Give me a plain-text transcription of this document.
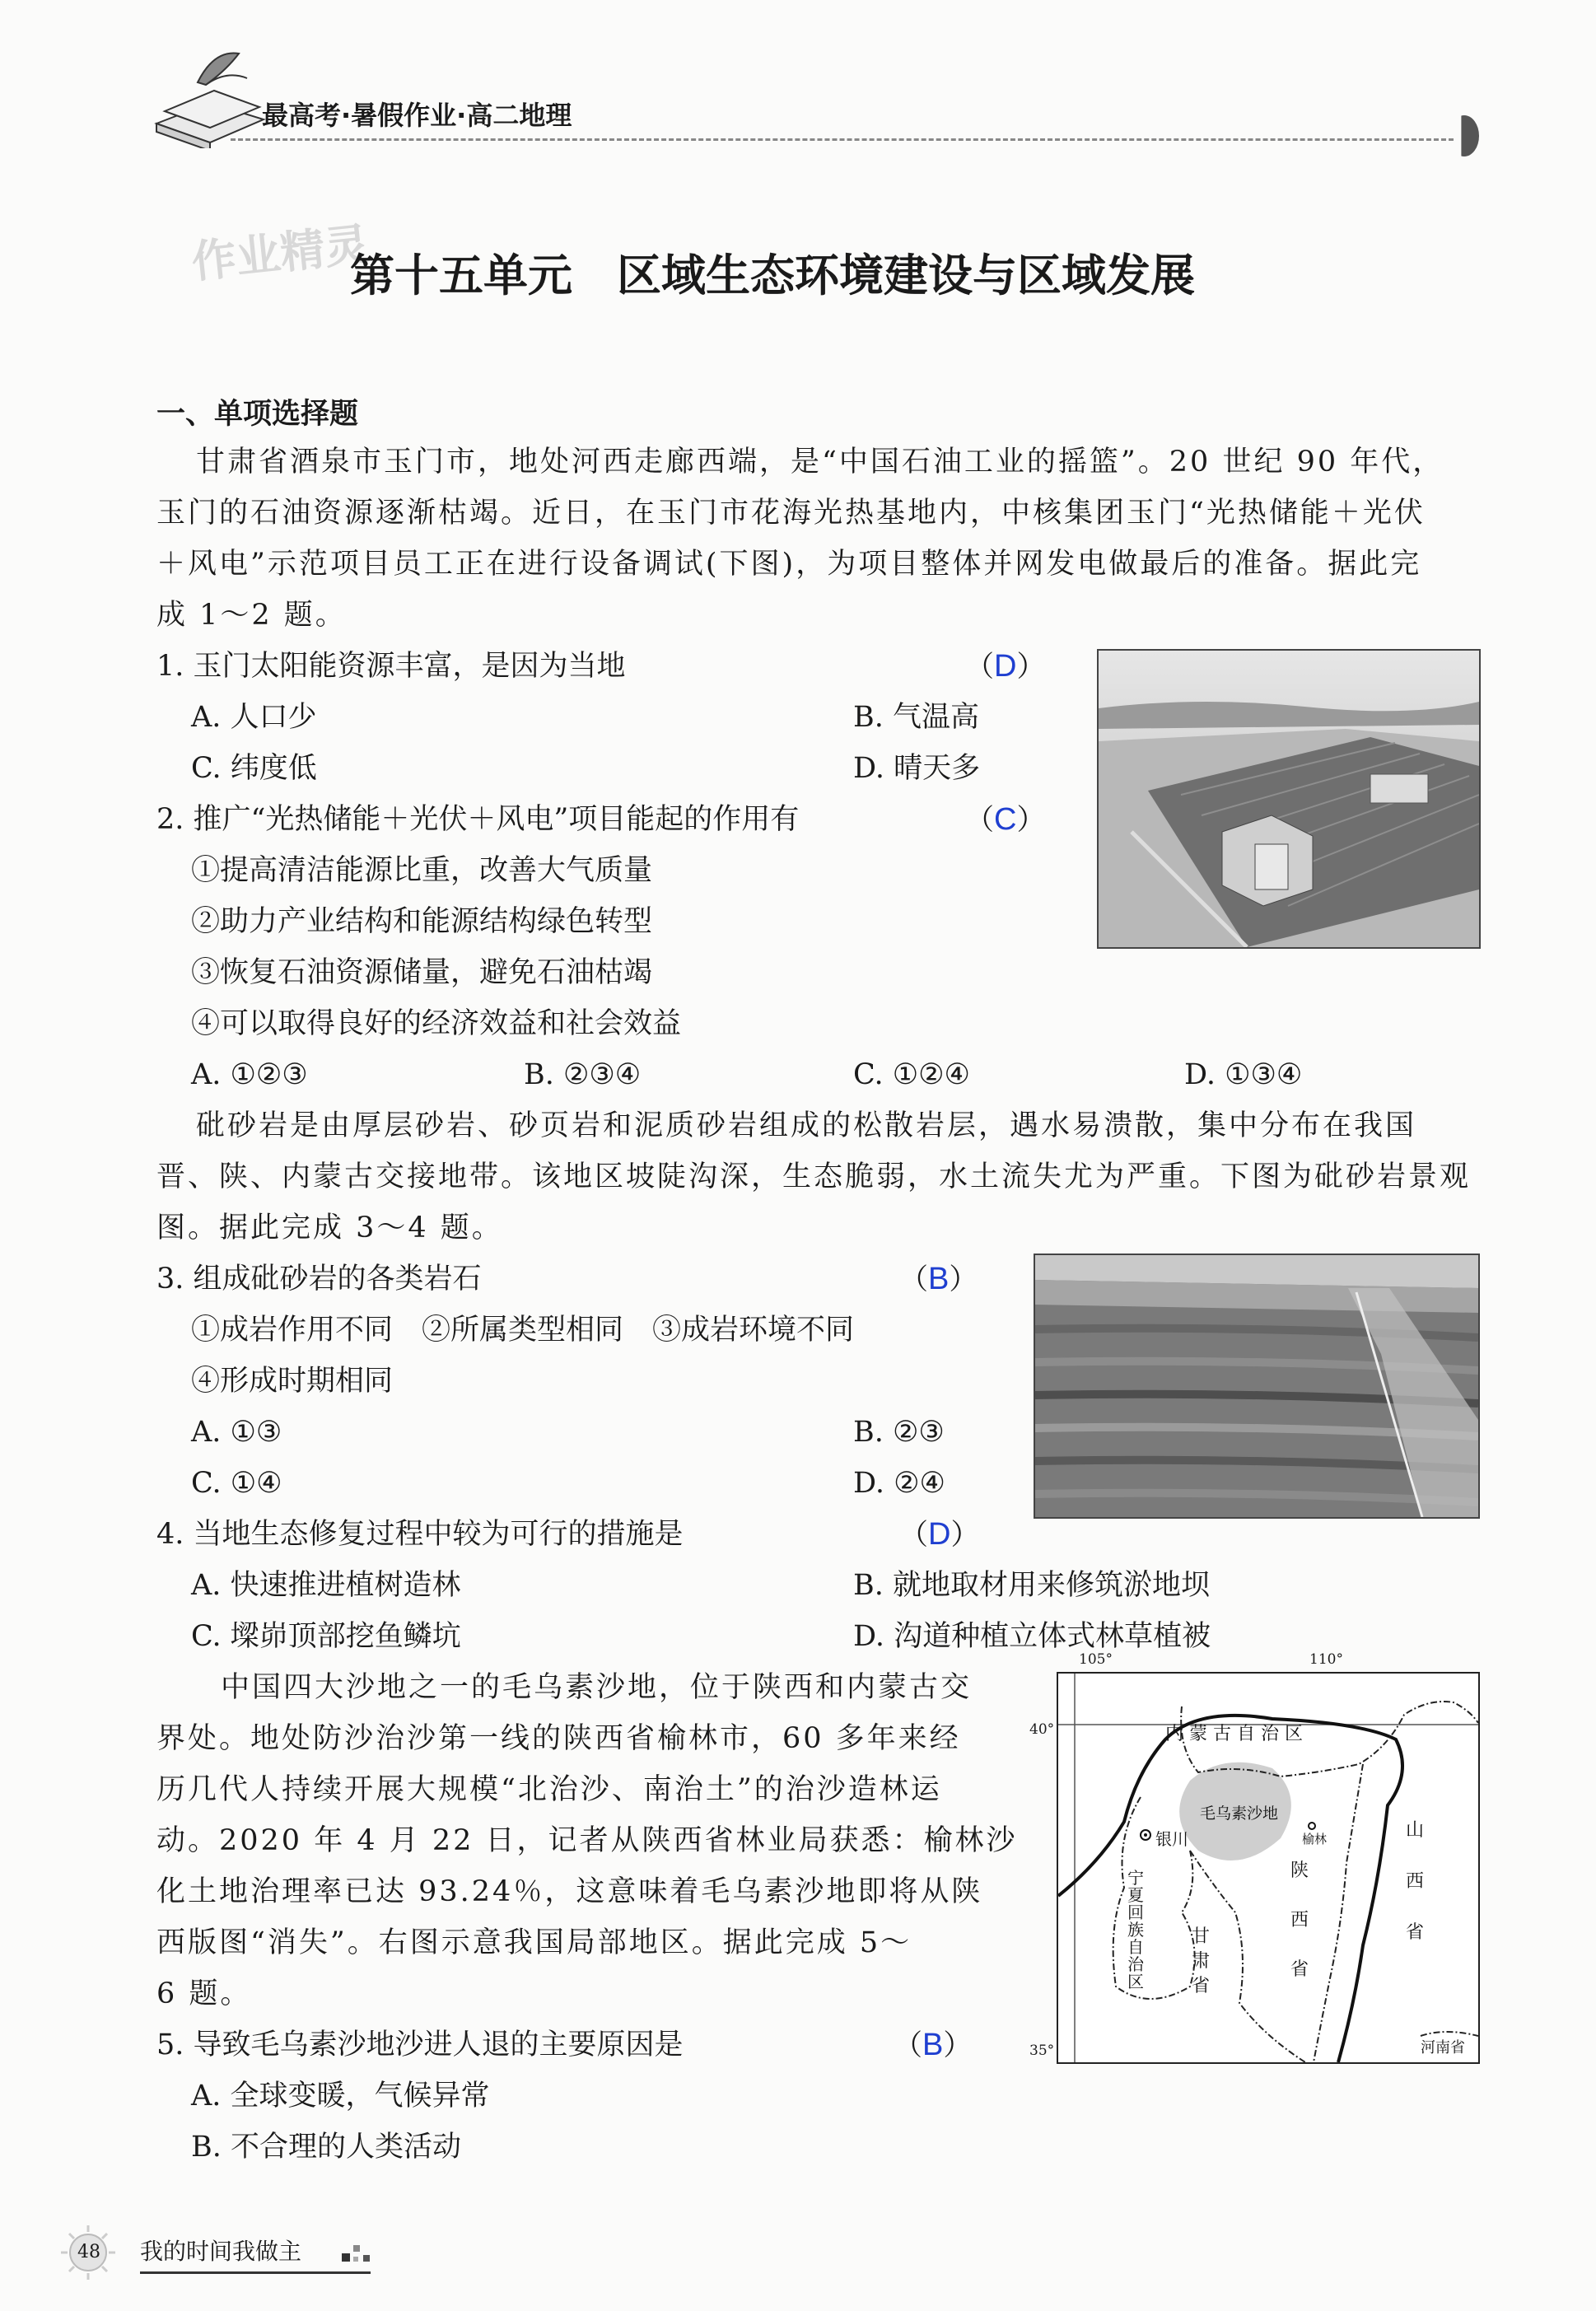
最高考·暑假作业·高二地理
作业精灵
第十五单元　区域生态环境建设与区域发展
一、单项选择题
甘肃省酒泉市玉门市，地处河西走廊西端，是“中国石油工业的摇篮”。20 世纪 90 年代，
玉门的石油资源逐渐枯竭。近日，在玉门市花海光热基地内，中核集团玉门“光热储能＋光伏
＋风电”示范项目员工正在进行设备调试(下图)，为项目整体并网发电做最后的准备。据此完
成 1～2 题。
1. 玉门太阳能资源丰富，是因为当地	（D）
A. 人口少	B. 气温高
C. 纬度低	D. 晴天多
2. 推广“光热储能＋光伏＋风电”项目能起的作用有	（C）
①提高清洁能源比重，改善大气质量
②助力产业结构和能源结构绿色转型
③恢复石油资源储量，避免石油枯竭
④可以取得良好的经济效益和社会效益
A. ①②③	B. ②③④	C. ①②④	D. ①③④
砒砂岩是由厚层砂岩、砂页岩和泥质砂岩组成的松散岩层，遇水易溃散，集中分布在我国
晋、陕、内蒙古交接地带。该地区坡陡沟深，生态脆弱，水土流失尤为严重。下图为砒砂岩景观
图。据此完成 3～4 题。
3. 组成砒砂岩的各类岩石	（B）
①成岩作用不同　②所属类型相同　③成岩环境不同
④形成时期相同
A. ①③	B. ②③
C. ①④	D. ②④
4. 当地生态修复过程中较为可行的措施是	（D）
A. 快速推进植树造林	B. 就地取材用来修筑淤地坝
C. 墚峁顶部挖鱼鳞坑	D. 沟道种植立体式林草植被
中国四大沙地之一的毛乌素沙地，位于陕西和内蒙古交
界处。地处防沙治沙第一线的陕西省榆林市，60 多年来经
历几代人持续开展大规模“北治沙、南治土”的治沙造林运
动。2020 年 4 月 22 日，记者从陕西省林业局获悉：榆林沙
化土地治理率已达 93.24％，这意味着毛乌素沙地即将从陕
西版图“消失”。右图示意我国局部地区。据此完成 5～
6 题。
105°	110°
40°
35°
内 蒙 古 自 治 区
毛乌素沙地
银川	榆林
宁
夏
回
族
自
治
区
陕
西
省
山
西
省
甘
肃
省
河南省
5. 导致毛乌素沙地沙进人退的主要原因是	（B）
A. 全球变暖，气候异常
B. 不合理的人类活动
48 我的时间我做主
